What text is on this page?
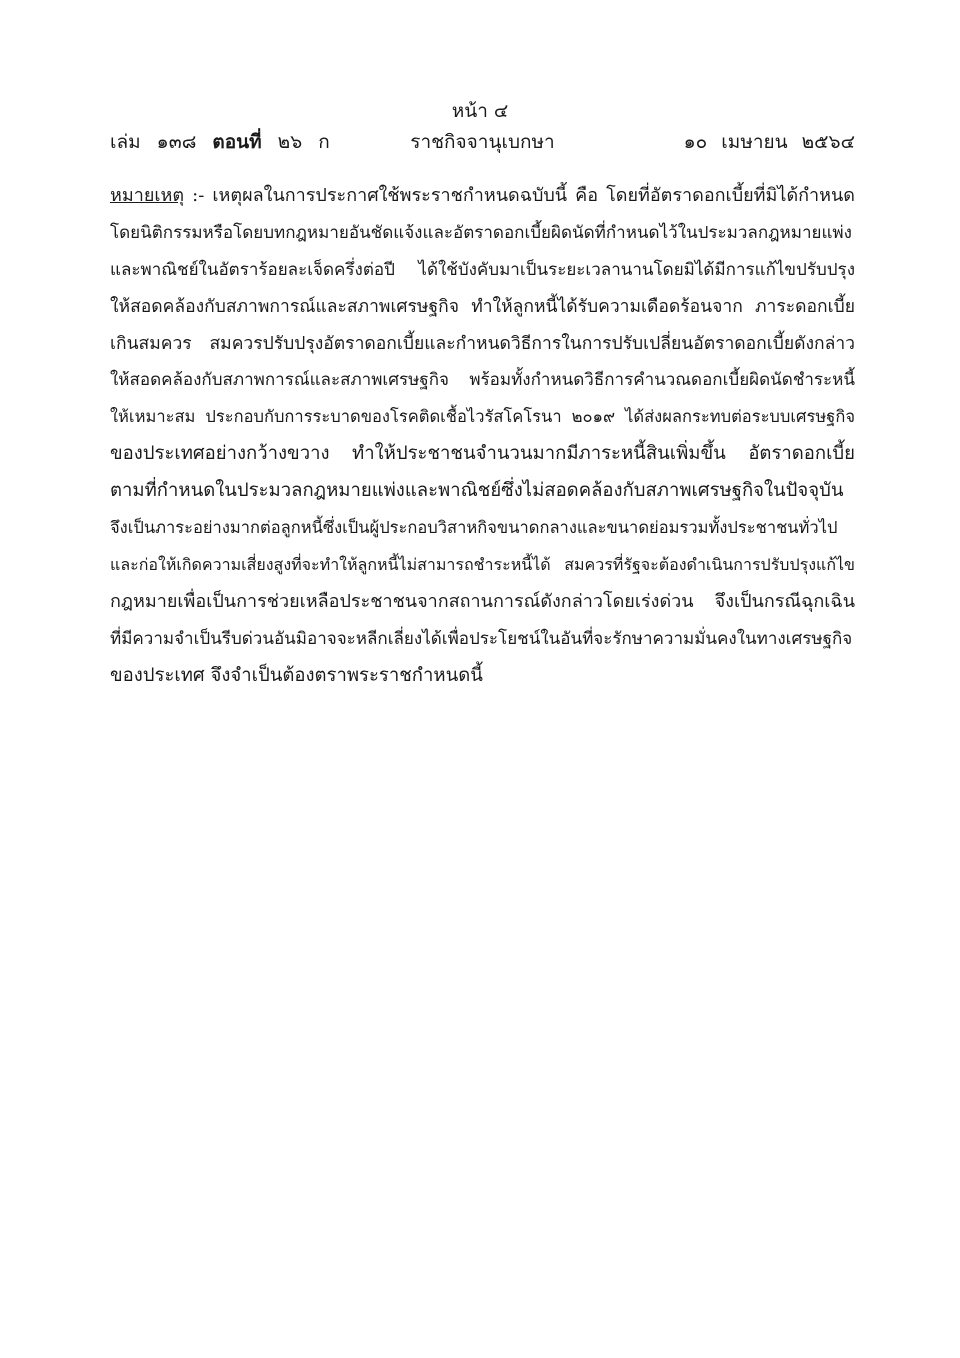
หน้า ๔
ราชกิจจานุเบกษา
เล่ม ๑๓๘ ตอนที่ ๒๖ ก	๑๐ เมษายน ๒๕๖๔
หมายเหตุ :- เหตุผลในการประกาศใช้พระราชกำหนดฉบับนี้ คือ โดยที่อัตราดอกเบี้ยที่มิได้กำหนด
โดยนิติกรรมหรือโดยบทกฎหมายอันชัดแจ้งและอัตราดอกเบี้ยผิดนัดที่กำหนดไว้ในประมวลกฎหมายแพ่ง
และพาณิชย์ในอัตราร้อยละเจ็ดครึ่งต่อปี ได้ใช้บังคับมาเป็นระยะเวลานานโดยมิได้มีการแก้ไขปรับปรุง
ให้สอดคล้องกับสภาพการณ์และสภาพเศรษฐกิจ ทำให้ลูกหนี้ได้รับความเดือดร้อนจาก ภาระดอกเบี้ย
เกินสมควร สมควรปรับปรุงอัตราดอกเบี้ยและกำหนดวิธีการในการปรับเปลี่ยนอัตราดอกเบี้ยดังกล่าว
ให้สอดคล้องกับสภาพการณ์และสภาพเศรษฐกิจ พร้อมทั้งกำหนดวิธีการคำนวณดอกเบี้ยผิดนัดชำระหนี้
ให้เหมาะสม ประกอบกับการระบาดของโรคติดเชื้อไวรัสโคโรนา ๒๐๑๙ ได้ส่งผลกระทบต่อระบบเศรษฐกิจ
ของประเทศอย่างกว้างขวาง ทำให้ประชาชนจำนวนมากมีภาระหนี้สินเพิ่มขึ้น อัตราดอกเบี้ย
ตามที่กำหนดในประมวลกฎหมายแพ่งและพาณิชย์ซึ่งไม่สอดคล้องกับสภาพเศรษฐกิจในปัจจุบัน
จึงเป็นภาระอย่างมากต่อลูกหนี้ซึ่งเป็นผู้ประกอบวิสาหกิจขนาดกลางและขนาดย่อมรวมทั้งประชาชนทั่วไป
และก่อให้เกิดความเสี่ยงสูงที่จะทำให้ลูกหนี้ไม่สามารถชำระหนี้ได้ สมควรที่รัฐจะต้องดำเนินการปรับปรุงแก้ไข
กฎหมายเพื่อเป็นการช่วยเหลือประชาชนจากสถานการณ์ดังกล่าวโดยเร่งด่วน จึงเป็นกรณีฉุกเฉิน
ที่มีความจำเป็นรีบด่วนอันมิอาจจะหลีกเลี่ยงได้เพื่อประโยชน์ในอันที่จะรักษาความมั่นคงในทางเศรษฐกิจ
ของประเทศ จึงจำเป็นต้องตราพระราชกำหนดนี้
